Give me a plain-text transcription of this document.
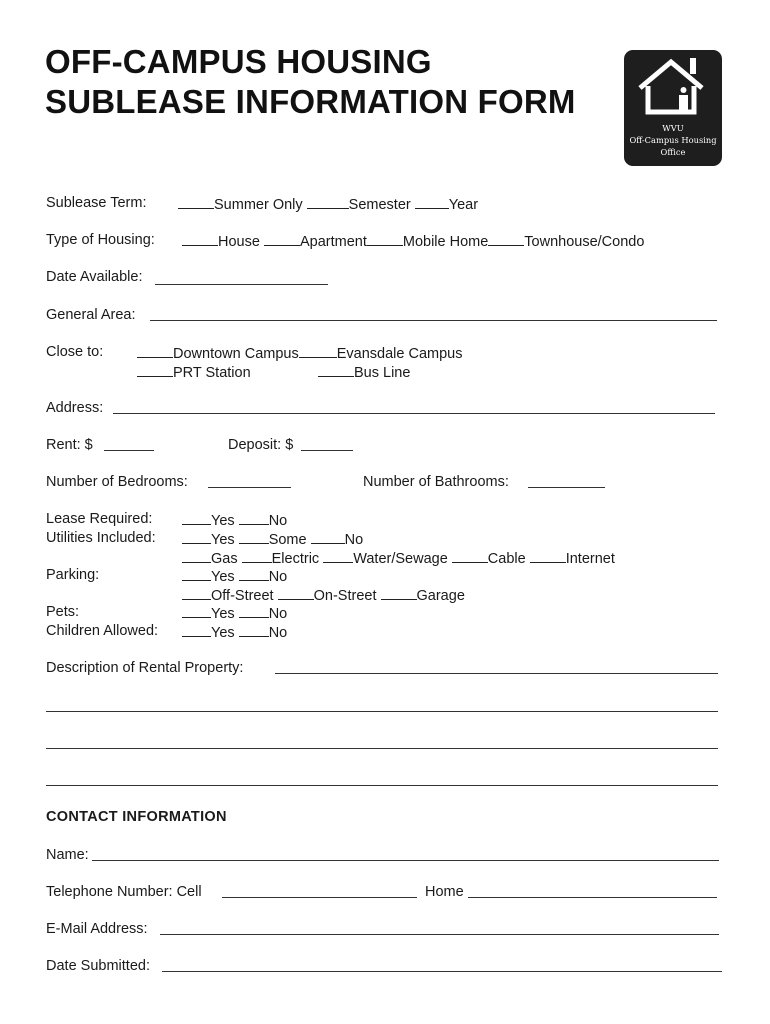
OFF-CAMPUS HOUSING
SUBLEASE INFORMATION FORM
WVU
Off-Campus Housing
Office
Sublease Term:	Summer Only	Semester	Year
Type of Housing:	House	Apartment Mobile Home Townhouse/Condo
Date Available:
General Area:
Close to:	Downtown Campus	Evansdale Campus
PRT Station	Bus Line
Address:
Rent: $	Deposit: $
Number of Bedrooms:	Number of Bathrooms:
Lease Required:	Yes No
Utilities Included:	Yes Some	No
Gas Electric Water/Sewage	Cable	Internet
Parking:	Yes No
Off-Street	On-Street	Garage
Pets:	Yes No
Children Allowed:	Yes No
Description of Rental Property:
CONTACT INFORMATION
Name:
Telephone Number: Cell	Home
E-Mail Address:
Date Submitted:
